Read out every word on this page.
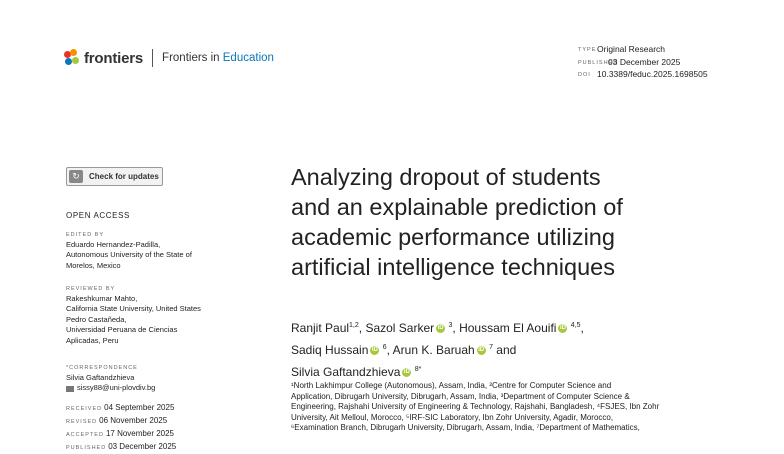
frontiers Frontiers in Education
TYPE Original Research
PUBLISHED
03 December 2025
DOI 10.3389/feduc.2025.1698505
↻	Check for updates
OPEN ACCESS
EDITED BY
Eduardo Hernandez-Padilla,
Autonomous University of the State of
Morelos, Mexico
REVIEWED BY
Rakeshkumar Mahto,
California State University, United States
Pedro Castañeda,
Universidad Peruana de Ciencias
Aplicadas, Peru
*CORRESPONDENCE
Silvia Gaftandzhieva
sissy88@uni-plovdiv.bg
RECEIVED 04 September 2025
REVISED 06 November 2025
ACCEPTED 17 November 2025
PUBLISHED 03 December 2025
Analyzing dropout of students
and an explainable prediction of
academic performance utilizing
artificial intelligence techniques
Ranjit Paul$^{1,2}$, Sazol Sarker iD $^3$, Houssam El Aouifi iD $^{4,5}$,
Sadiq Hussain iD $^6$, Arun K. Baruah iD $^7$ and
Silvia Gaftandzhieva iD $^{8*}$
¹North Lakhimpur College (Autonomous), Assam, India, ²Centre for Computer Science and
Application, Dibrugarh University, Dibrugarh, Assam, India, ³Department of Computer Science &
Engineering, Rajshahi University of Engineering & Technology, Rajshahi, Bangladesh, ⁴FSJES, Ibn Zohr
University, Ait Melloul, Morocco, ⁵IRF-SIC Laboratory, Ibn Zohr University, Agadir, Morocco,
⁶Examination Branch, Dibrugarh University, Dibrugarh, Assam, India, ⁷Department of Mathematics,
